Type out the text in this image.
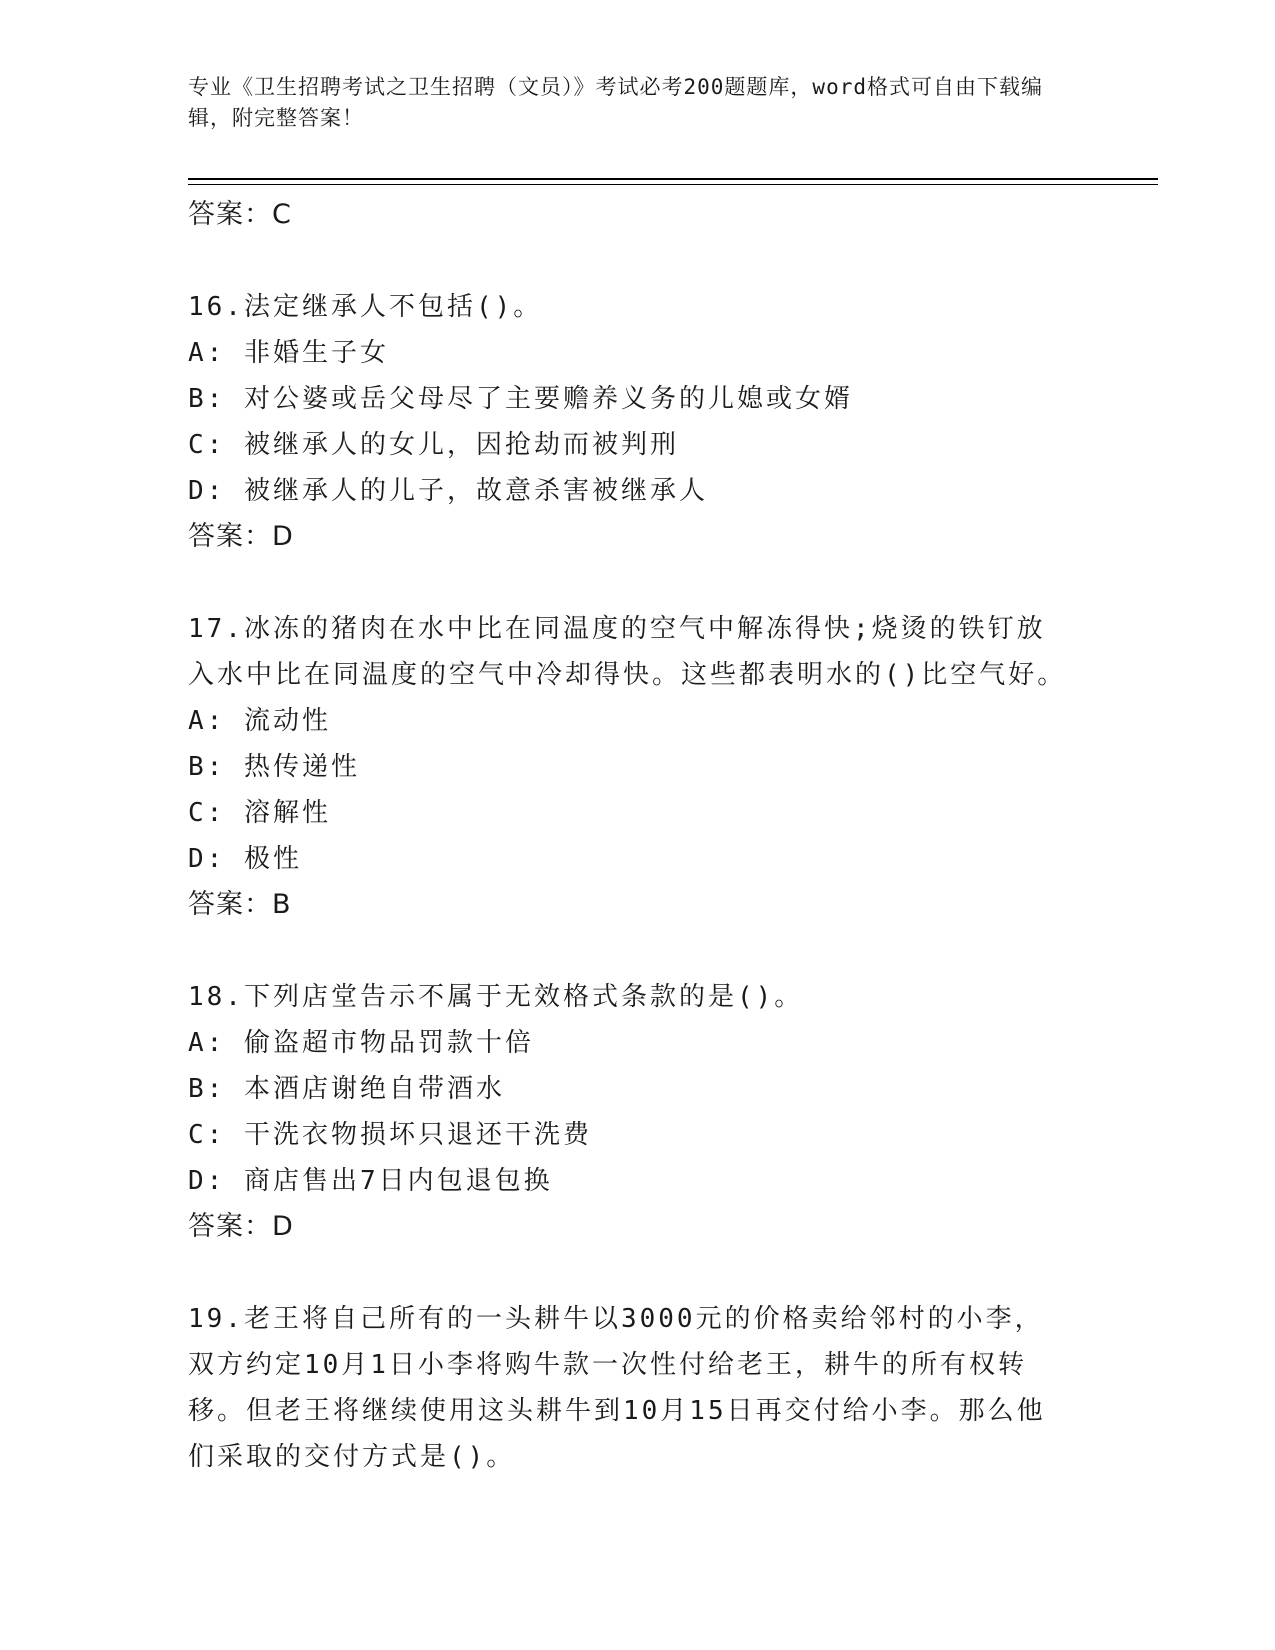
专业《卫生招聘考试之卫生招聘（文员）》考试必考200题题库，word格式可自由下载编辑，附完整答案！
答案：C
16.法定继承人不包括()。
A: 非婚生子女
B: 对公婆或岳父母尽了主要赡养义务的儿媳或女婿
C: 被继承人的女儿，因抢劫而被判刑
D: 被继承人的儿子，故意杀害被继承人
答案：D
17.冰冻的猪肉在水中比在同温度的空气中解冻得快;烧烫的铁钉放入水中比在同温度的空气中冷却得快。这些都表明水的()比空气好。
A: 流动性
B: 热传递性
C: 溶解性
D: 极性
答案：B
18.下列店堂告示不属于无效格式条款的是()。
A: 偷盗超市物品罚款十倍
B: 本酒店谢绝自带酒水
C: 干洗衣物损坏只退还干洗费
D: 商店售出7日内包退包换
答案：D
19.老王将自己所有的一头耕牛以3000元的价格卖给邻村的小李，双方约定10月1日小李将购牛款一次性付给老王，耕牛的所有权转移。但老王将继续使用这头耕牛到10月15日再交付给小李。那么他们采取的交付方式是()。
